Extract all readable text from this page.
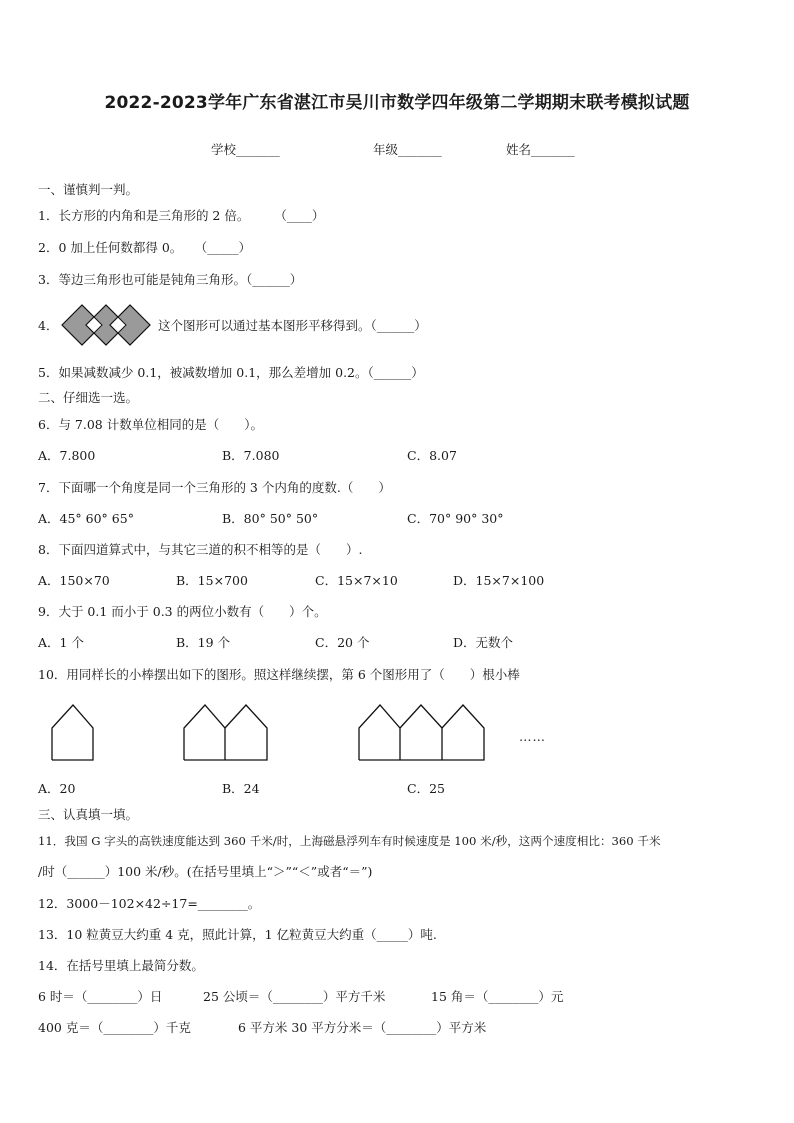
2022-2023学年广东省湛江市吴川市数学四年级第二学期期末联考模拟试题
学校_______	年级_______	姓名_______
一、谨慎判一判。
1．长方形的内角和是三角形的 2 倍。　　　（____）
2．0 加上任何数都得 0。　　（_____）
3．等边三角形也可能是钝角三角形。（______）
4．	这个图形可以通过基本图形平移得到。（______）
5．如果减数减少 0.1，被减数增加 0.1，那么差增加 0.2。（______）
二、仔细选一选。
6．与 7.08 计数单位相同的是（　　）。
A．7.800	B．7.080	C．8.07
7．下面哪一个角度是同一个三角形的 3 个内角的度数.（　　）
A．45° 60° 65°	B．80° 50° 50°	C．70° 90° 30°
8．下面四道算式中，与其它三道的积不相等的是（　　）.
A．150×70	B．15×700	C．15×7×10	D．15×7×100
9．大于 0.1 而小于 0.3 的两位小数有（　　）个。
A．1 个	B．19 个	C．20 个	D．无数个
10．用同样长的小棒摆出如下的图形。照这样继续摆，第 6 个图形用了（　　）根小棒
……
A．20	B．24	C．25
三、认真填一填。
11．我国 G 字头的高铁速度能达到 360 千米/时，上海磁悬浮列车有时候速度是 100 米/秒，这两个速度相比：360 千米
/时（______）100 米/秒。(在括号里填上“＞”“＜”或者“＝”)
12．3000－102×42÷17=________。
13．10 粒黄豆大约重 4 克，照此计算，1 亿粒黄豆大约重（_____）吨.
14．在括号里填上最简分数。
6 时＝（________）日	25 公顷＝（________）平方千米	15 角＝（________）元
400 克＝（________）千克	6 平方米 30 平方分米＝（________）平方米
